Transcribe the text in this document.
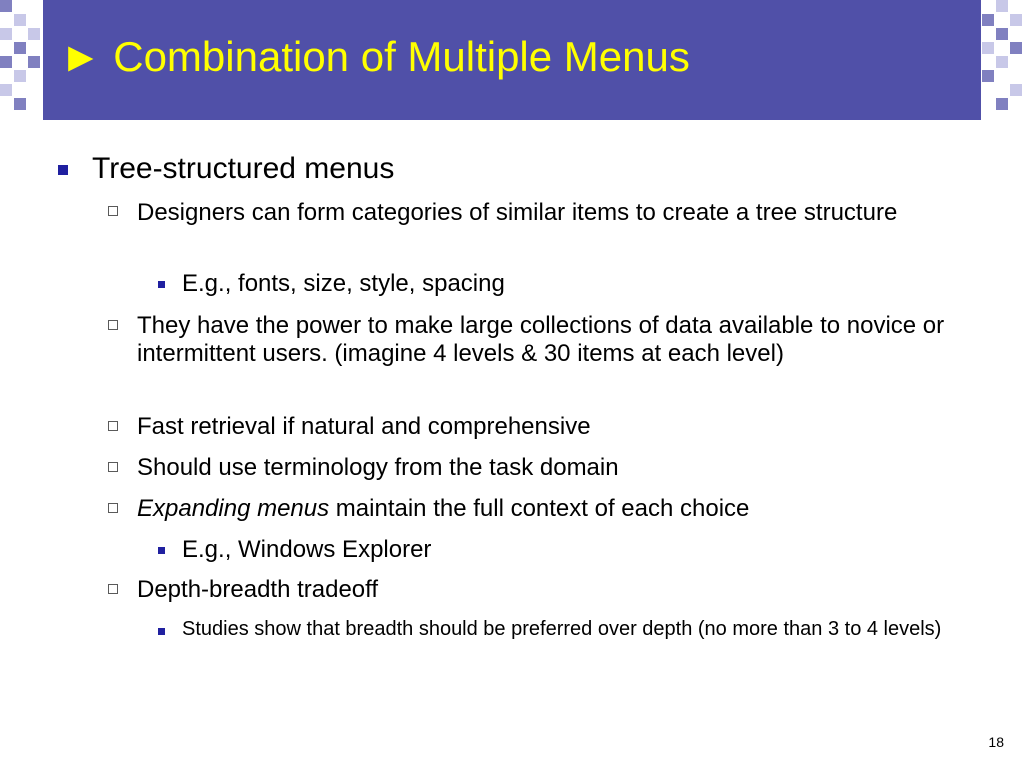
► Combination of Multiple Menus
Tree-structured menus
Designers can form categories of similar items to create a tree structure
E.g., fonts, size, style, spacing
They have the power to make large collections of data available to novice or intermittent users. (imagine 4 levels & 30 items at each level)
Fast retrieval if natural and comprehensive
Should use terminology from the task domain
Expanding menus maintain the full context of each choice
E.g., Windows Explorer
Depth-breadth tradeoff
Studies show that breadth should be preferred over depth (no more than 3 to 4 levels)
18
